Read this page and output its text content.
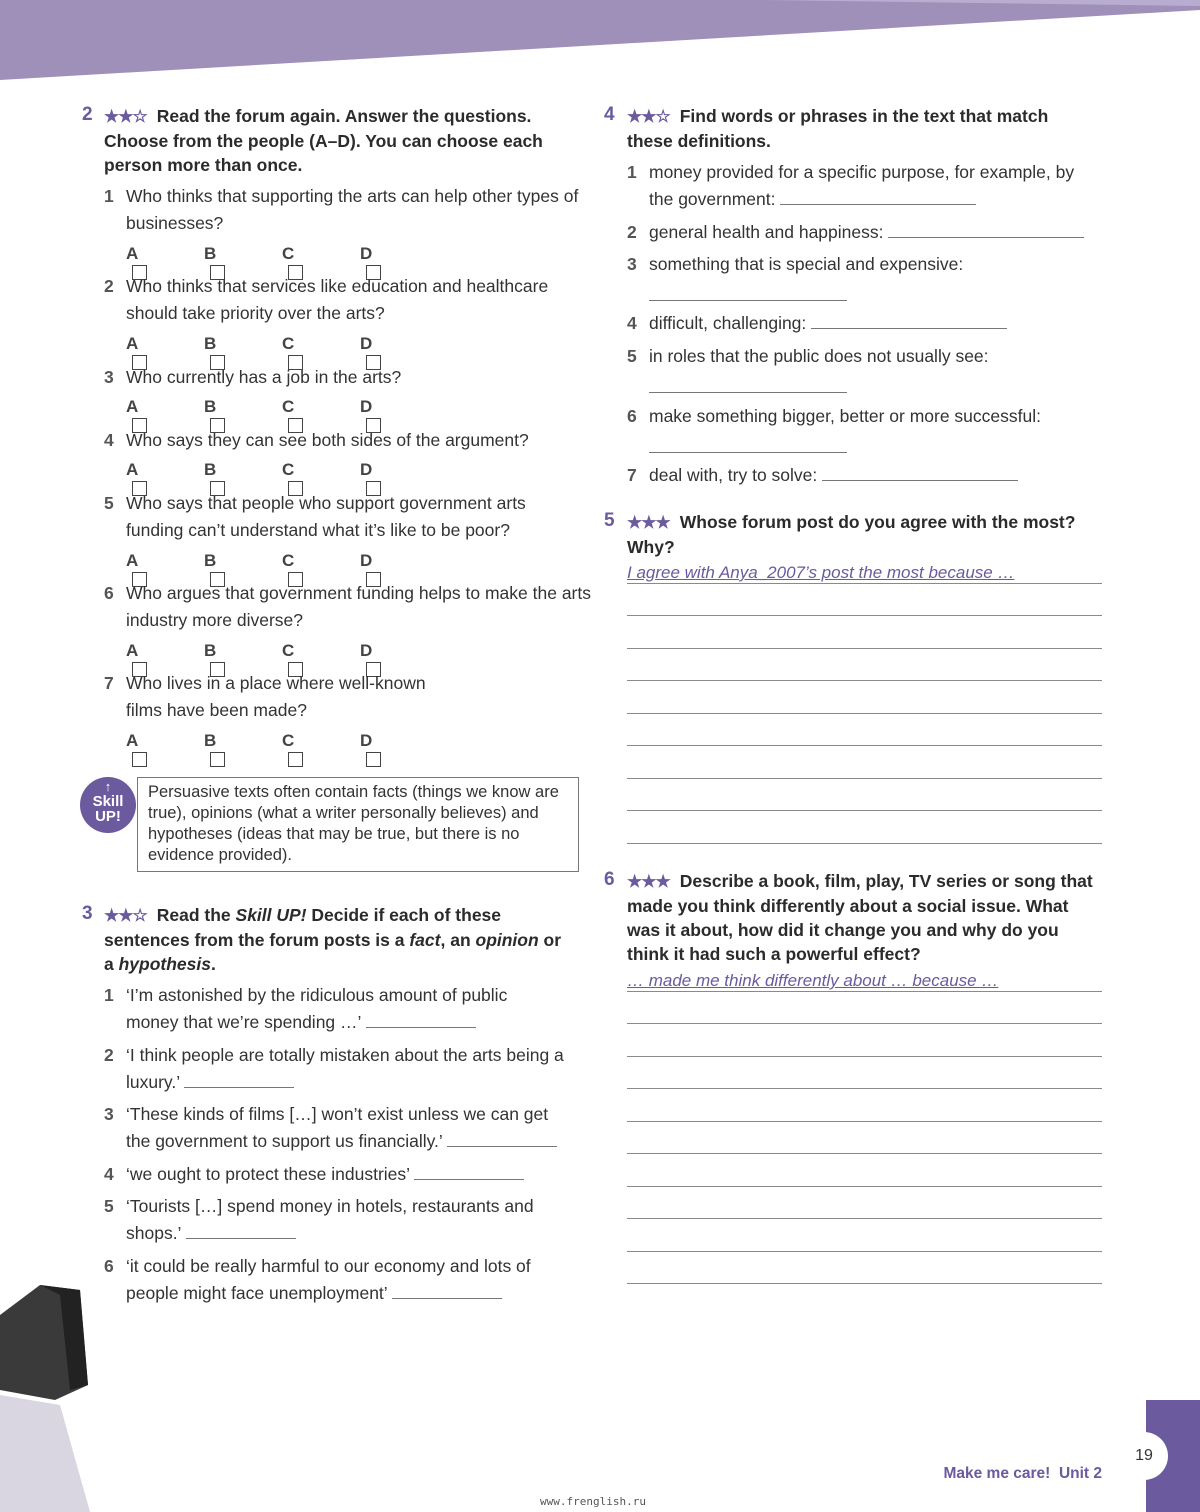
2 ★★☆ Read the forum again. Answer the questions. Choose from the people (A–D). You can choose each person more than once.
1 Who thinks that supporting the arts can help other types of businesses?
A	B	C	D
2 Who thinks that services like education and healthcare should take priority over the arts?
A	B	C	D
3 Who currently has a job in the arts?
A	B	C	D
4 Who says they can see both sides of the argument?
A	B	C	D
5 Who says that people who support government arts funding can’t understand what it’s like to be poor?
A	B	C	D
6 Who argues that government funding helps to make the arts industry more diverse?
A	B	C	D
7 Who lives in a place where well-known films have been made?
A	B	C	D
↑
Skill
UP!
Persuasive texts often contain facts (things we know are true), opinions (what a writer personally believes) and hypotheses (ideas that may be true, but there is no evidence provided).
3 ★★☆ Read the Skill UP! Decide if each of these sentences from the forum posts is a fact, an opinion or a hypothesis.
1 ‘I’m astonished by the ridiculous amount of public money that we’re spending …’
2 ‘I think people are totally mistaken about the arts being a luxury.’
3 ‘These kinds of films […] won’t exist unless we can get the government to support us financially.’
4 ‘we ought to protect these industries’
5 ‘Tourists […] spend money in hotels, restaurants and shops.’
6 ‘it could be really harmful to our economy and lots of people might face unemployment’
4 ★★☆ Find words or phrases in the text that match these definitions.
1 money provided for a specific purpose, for example, by the government:
2 general health and happiness:
3 something that is special and expensive:
4 difficult, challenging:
5 in roles that the public does not usually see:
6 make something bigger, better or more successful:
7 deal with, try to solve:
5 ★★★ Whose forum post do you agree with the most? Why?
I agree with Anya_2007’s post the most because …
6 ★★★ Describe a book, film, play, TV series or song that made you think differently about a social issue. What was it about, how did it change you and why do you think it had such a powerful effect?
… made me think differently about … because …
Make me care! Unit 2
19
www.frenglish.ru
